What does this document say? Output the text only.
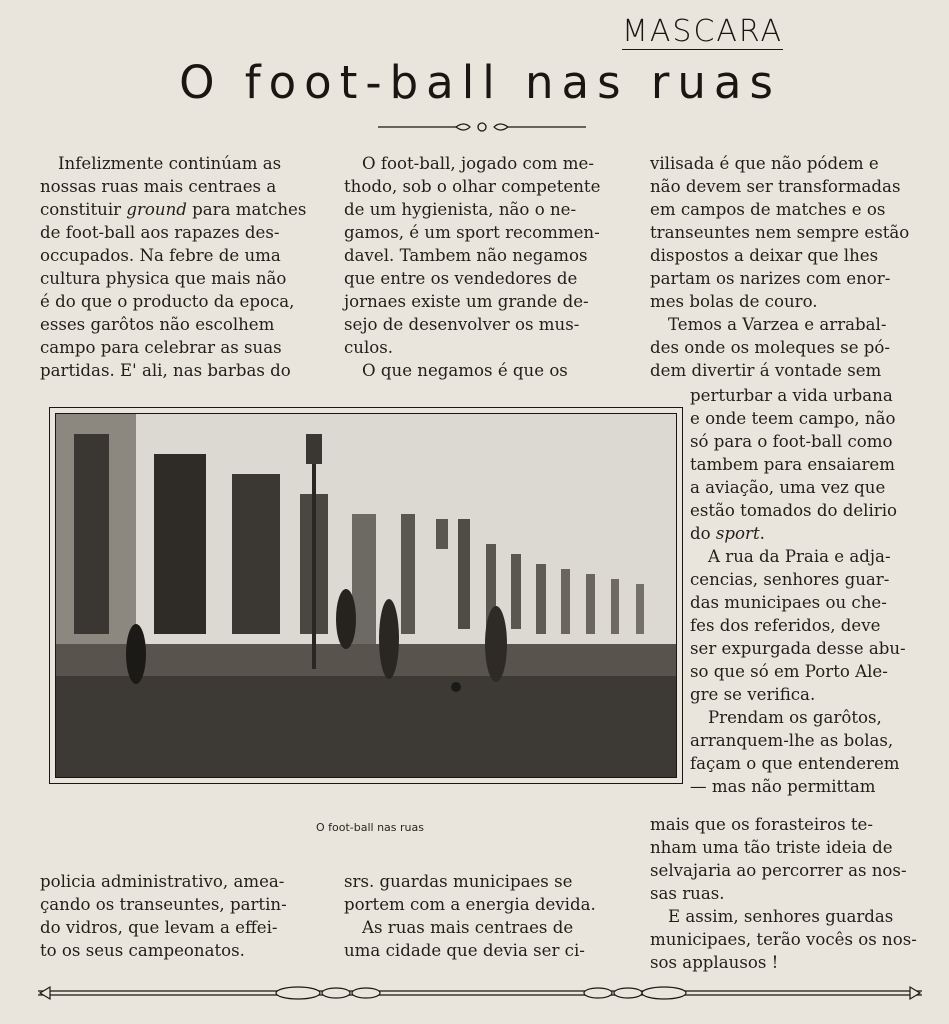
MASCARA
O foot-ball nas ruas

Infelizmente continúam as

nossas ruas mais centraes a

constituir ground para matches

de foot-ball aos rapazes des-

occupados. Na febre de uma

cultura physica que mais não

é do que o producto da epoca,

esses garôtos não escolhem

campo para celebrar as suas

partidas. E' ali, nas barbas do

O foot-ball, jogado com me-

thodo, sob o olhar competente

de um hygienista, não o ne-

gamos, é um sport recommen-

davel. Tambem não negamos

que entre os vendedores de

jornaes existe um grande de-

sejo de desenvolver os mus-

culos.

O que negamos é que os

vilisada é que não pódem e

não devem ser transformadas

em campos de matches e os

transeuntes nem sempre estão

dispostos a deixar que lhes

partam os narizes com enor-

mes bolas de couro.

Temos a Varzea e arrabal-

des onde os moleques se pó-

dem divertir á vontade sem

perturbar a vida urbana

e onde teem campo, não

só para o foot-ball como

tambem para ensaiarem

a aviação, uma vez que

estão tomados do delirio

do sport.

A rua da Praia e adja-

cencias, senhores guar-

das municipaes ou che-

fes dos referidos, deve

ser expurgada desse abu-

so que só em Porto Ale-

gre se verifica.

Prendam os garôtos,

arranquem-lhe as bolas,

façam o que entenderem

— mas não permittam

mais que os forasteiros te-

nham uma tão triste ideia de

selvajaria ao percorrer as nos-

sas ruas.

E assim, senhores guardas

municipaes, terão vocês os nos-

sos applausos !

O foot-ball nas ruas

policia administrativo, amea-

çando os transeuntes, partin-

do vidros, que levam a effei-

to os seus campeonatos.

srs. guardas municipaes se

portem com a energia devida.

As ruas mais centraes de

uma cidade que devia ser ci-
